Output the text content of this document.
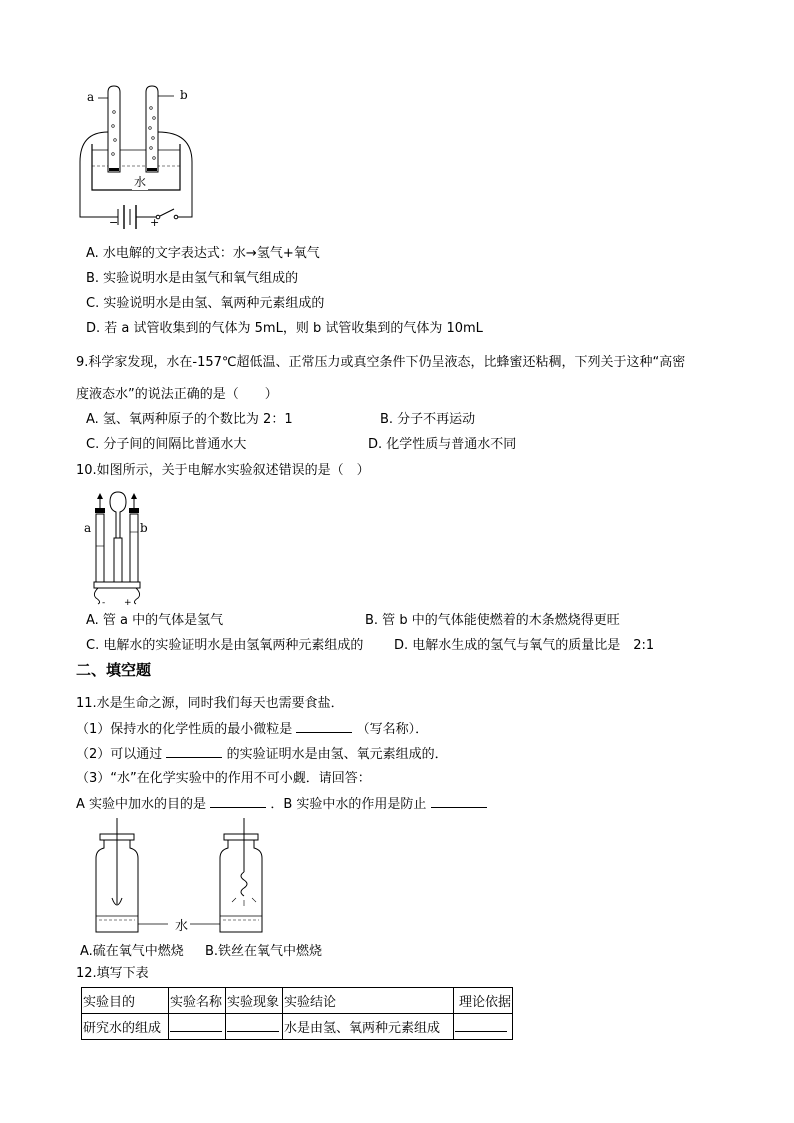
a	b
水
−	+
A. 水电解的文字表达式：水→氢气+氧气
B. 实验说明水是由氢气和氧气组成的
C. 实验说明水是由氢、氧两种元素组成的
D. 若 a 试管收集到的气体为 5mL，则 b 试管收集到的气体为 10mL
9.科学家发现，水在-157℃超低温、正常压力或真空条件下仍呈液态，比蜂蜜还粘稠，下列关于这种“高密
度液态水”的说法正确的是（　　）
A. 氢、氧两种原子的个数比为 2：1	B. 分子不再运动
C. 分子间的间隔比普通水大	D. 化学性质与普通水不同
10.如图所示，关于电解水实验叙述错误的是（　）
- +
a	b
A. 管 a 中的气体是氢气	B. 管 b 中的气体能使燃着的木条燃烧得更旺
C. 电解水的实验证明水是由氢氧两种元素组成的 D. 电解水生成的氢气与氧气的质量比是　2:1
二、填空题
11.水是生命之源，同时我们每天也需要食盐．
（1）保持水的化学性质的最小微粒是	（写名称）．
（2）可以通过	的实验证明水是由氢、氧元素组成的．
（3）“水”在化学实验中的作用不可小觑．请回答：
A 实验中加水的目的是	．B 实验中水的作用是防止
水
A.硫在氧气中燃烧 B.铁丝在氧气中燃烧
12.填写下表
实验目的	实验名称	实验现象	实验结论	理论依据
研究水的组成			水是由氢、氧两种元素组成	
